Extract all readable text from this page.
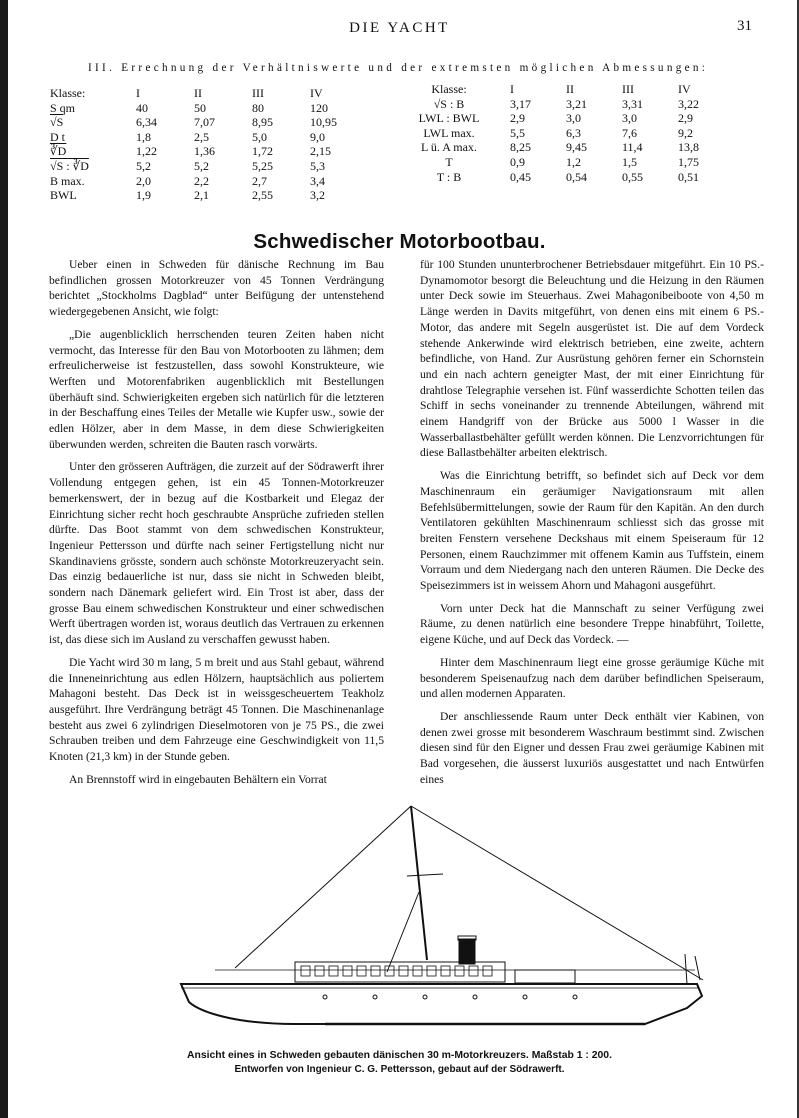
DIE YACHT	31
III. Errechnung der Verhältniswerte und der extremsten möglichen Abmessungen:
Klasse:	I	II	III	IV
S qm	40	50	80	120
√S	6,34	7,07	8,95	10,95
D t	1,8	2,5	5,0	9,0
∛D	1,22	1,36	1,72	2,15
√S : ∛D	5,2	5,2	5,25	5,3
B max.	2,0	2,2	2,7	3,4
BWL	1,9	2,1	2,55	3,2
Klasse:	I	II	III	IV
√S : B	3,17	3,21	3,31	3,22
LWL : BWL	2,9	3,0	3,0	2,9
LWL max.	5,5	6,3	7,6	9,2
L ü. A max.	8,25	9,45	11,4	13,8
T	0,9	1,2	1,5	1,75
T : B	0,45	0,54	0,55	0,51
Schwedischer Motorbootbau.

Ueber einen in Schweden für dänische Rechnung im Bau befindlichen grossen Motorkreuzer von 45 Tonnen Verdrängung berichtet „Stockholms Dagblad“ unter Beifügung der untenstehend wiedergegebenen Ansicht, wie folgt:

„Die augenblicklich herrschenden teuren Zeiten haben nicht vermocht, das Interesse für den Bau von Motorbooten zu lähmen; dem erfreulicherweise ist festzustellen, dass sowohl Konstrukteure, wie Werften und Motorenfabriken augenblicklich mit Bestellungen überhäuft sind. Schwierigkeiten ergeben sich natürlich für die letzteren in der Beschaffung eines Teiles der Metalle wie Kupfer usw., sowie der edlen Hölzer, aber in dem Masse, in dem diese Schwierigkeiten überwunden werden, schreiten die Bauten rasch vorwärts.

Unter den grösseren Aufträgen, die zurzeit auf der Södrawerft ihrer Vollendung entgegen gehen, ist ein 45 Tonnen-Motorkreuzer bemerkenswert, der in bezug auf die Kostbarkeit und Elegaz der Einrichtung sicher recht hoch geschraubte Ansprüche zufrieden stellen dürfte. Das Boot stammt von dem schwedischen Konstrukteur, Ingenieur Pettersson und dürfte nach seiner Fertigstellung nicht nur Skandinaviens grösste, sondern auch schönste Motorkreuzeryacht sein. Das einzig bedauerliche ist nur, dass sie nicht in Schweden bleibt, sondern nach Dänemark geliefert wird. Ein Trost ist aber, dass der grosse Bau einem schwedischen Konstrukteur und einer schwedischen Werft übertragen worden ist, woraus deutlich das Vertrauen zu erkennen ist, das diese sich im Ausland zu verschaffen gewusst haben.

Die Yacht wird 30 m lang, 5 m breit und aus Stahl gebaut, während die Inneneinrichtung aus edlen Hölzern, hauptsächlich aus poliertem Mahagoni besteht. Das Deck ist in weissgescheuertem Teakholz ausgeführt. Ihre Verdrängung beträgt 45 Tonnen. Die Maschinenanlage besteht aus zwei 6 zylindrigen Dieselmotoren von je 75 PS., die zwei Schrauben treiben und dem Fahrzeuge eine Geschwindigkeit von 11,5 Knoten (21,3 km) in der Stunde geben.

An Brennstoff wird in eingebauten Behältern ein Vorrat

für 100 Stunden ununterbrochener Betriebsdauer mitgeführt. Ein 10 PS.-Dynamomotor besorgt die Beleuchtung und die Heizung in den Räumen unter Deck sowie im Steuerhaus. Zwei Mahagonibeiboote von 4,50 m Länge werden in Davits mitgeführt, von denen eins mit einem 6 PS.-Motor, das andere mit Segeln ausgerüstet ist. Die auf dem Vordeck stehende Ankerwinde wird elektrisch betrieben, eine zweite, achtern befindliche, von Hand. Zur Ausrüstung gehören ferner ein Schornstein und ein nach achtern geneigter Mast, der mit einer Einrichtung für drahtlose Telegraphie versehen ist. Fünf wasserdichte Schotten teilen das Schiff in sechs voneinander zu trennende Abteilungen, während mit einem Handgriff von der Brücke aus 5000 l Wasser in die Wasserballastbehälter gefüllt werden können. Die Lenzvorrichtungen für diese Ballastbehälter arbeiten elektrisch.

Was die Einrichtung betrifft, so befindet sich auf Deck vor dem Maschinenraum ein geräumiger Navigationsraum mit allen Befehlsübermittelungen, sowie der Raum für den Kapitän. An den durch Ventilatoren gekühlten Maschinenraum schliesst sich das grosse mit breiten Fenstern versehene Deckshaus mit einem Speiseraum für 12 Personen, einem Rauchzimmer mit offenem Kamin aus Tuffstein, einem Vorraum und dem Niedergang nach den unteren Räumen. Die Decke des Speisezimmers ist in weissem Ahorn und Mahagoni ausgeführt.

Vorn unter Deck hat die Mannschaft zu seiner Verfügung zwei Räume, zu denen natürlich eine besondere Treppe hinabführt, Toilette, eigene Küche, und auf Deck das Vordeck. —

Hinter dem Maschinenraum liegt eine grosse geräumige Küche mit besonderem Speisenaufzug nach dem darüber befindlichen Speiseraum, und allen modernen Apparaten.

Der anschliessende Raum unter Deck enthält vier Kabinen, von denen zwei grosse mit besonderem Waschraum bestimmt sind. Zwischen diesen sind für den Eigner und dessen Frau zwei geräumige Kabinen mit Bad vorgesehen, die äusserst luxuriös ausgestattet und nach Entwürfen eines

Ansicht eines in Schweden gebauten dänischen 30 m-Motorkreuzers. Maßstab 1 : 200.
Entworfen von Ingenieur C. G. Pettersson, gebaut auf der Södrawerft.
